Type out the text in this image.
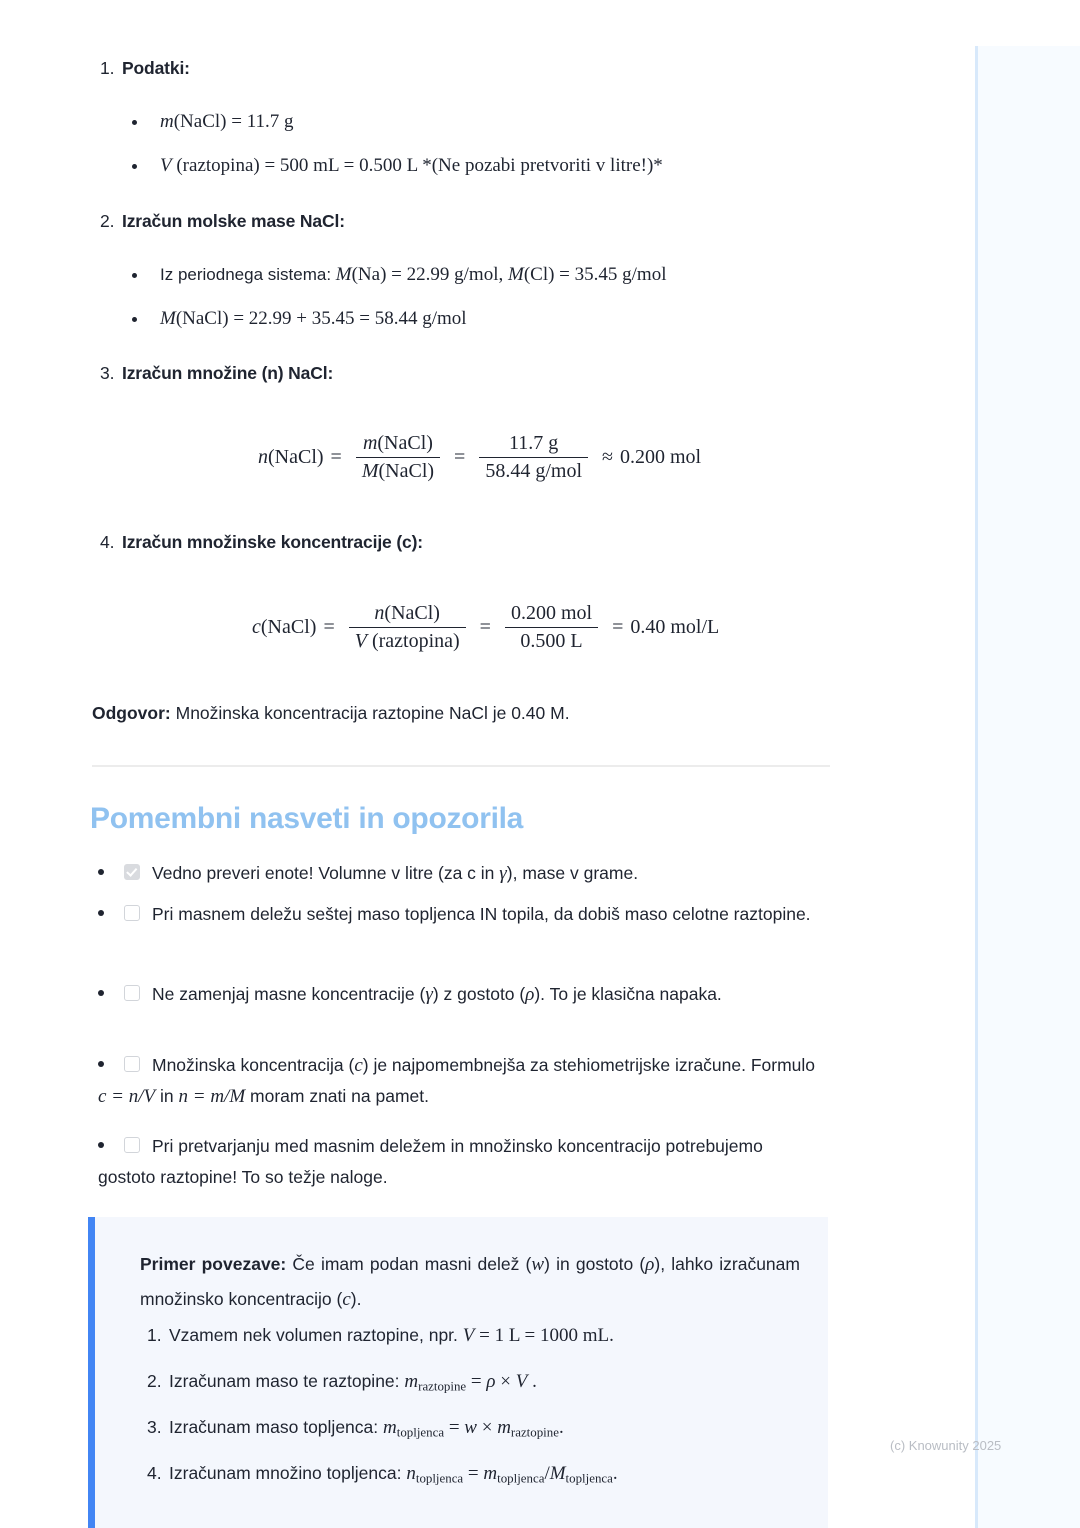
1. Podatki:
m(NaCl) = 11.7 g
V (raztopina) = 500 mL = 0.500 L *(Ne pozabi pretvoriti v litre!)*
2. Izračun molske mase NaCl:
Iz periodnega sistema: M(Na) = 22.99 g/mol, M(Cl) = 35.45 g/mol
M(NaCl) = 22.99 + 35.45 = 58.44 g/mol
3. Izračun množine (n) NaCl:
n(NaCl) = $\frac{\text{m(NaCl)}}{\text{M(NaCl)}} = \frac{11.7 g}{\text{58.44 g/mol}} \approx 0.200$ mol
4. Izračun množinske koncentracije (c):
c(NaCl) = $\frac{\text{n(NaCl)}}{\text{V (raztopina)}} = \frac{\text{0.200 mol}}{0.500 L} = 0.40$ mol/L
Odgovor: Množinska koncentracija raztopine NaCl je 0.40 M.
Pomembni nasveti in opozorila
Vedno preveri enote! Volumne v litre (za c in γ), mase v grame.
Pri masnem deležu seštej maso topljenca IN topila, da dobiš maso celotne raztopine.
Ne zamenjaj masne koncentracije (γ) z gostoto (ρ). To je klasična napaka.
Množinska koncentracija (c) je najpomembnejša za stehiometrijske izračune. Formulo c = n/V in n = m/M moram znati na pamet.
Pri pretvarjanju med masnim deležem in množinsko koncentracijo potrebujemo gostoto raztopine! To so težje naloge.
Primer povezave: Če imam podan masni delež (w) in gostoto (ρ), lahko izračunam množinsko koncentracijo (c).
1. Vzamem nek volumen raztopine, npr. V = 1 L = 1000 mL.
2. Izračunam maso te raztopine: $m_{raztopine} = \rho \times V$ .
3. Izračunam maso topljenca: $m_{topljenca} = w \times m_{raztopine}$.
4. Izračunam množino topljenca: $n_{topljenca} = m_{topljenca}/M_{topljenca}$.
(c) Knowunity 2025
